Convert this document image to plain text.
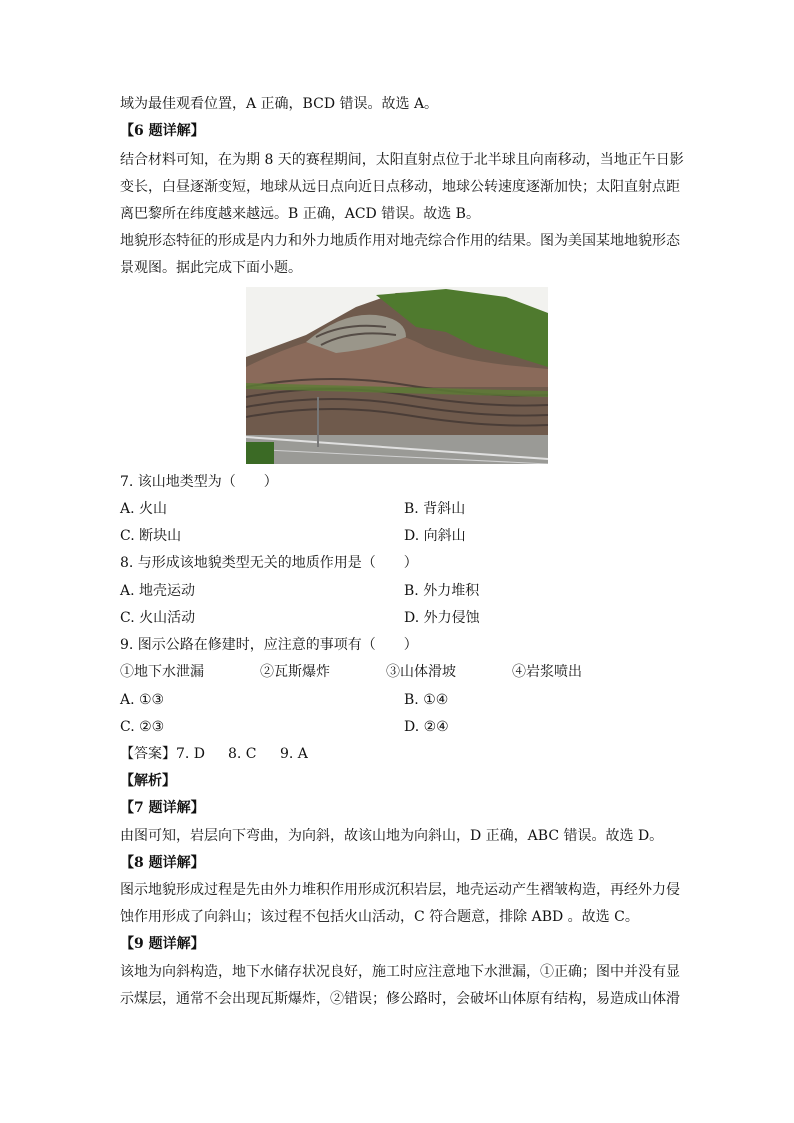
域为最佳观看位置，A 正确，BCD 错误。故选 A。
【6 题详解】
结合材料可知，在为期 8 天的赛程期间，太阳直射点位于北半球且向南移动，当地正午日影
变长，白昼逐渐变短，地球从远日点向近日点移动，地球公转速度逐渐加快；太阳直射点距
离巴黎所在纬度越来越远。B 正确，ACD 错误。故选 B。
地貌形态特征的形成是内力和外力地质作用对地壳综合作用的结果。图为美国某地地貌形态
景观图。据此完成下面小题。
7. 该山地类型为（　　）
A. 火山	B. 背斜山
C. 断块山	D. 向斜山
8. 与形成该地貌类型无关的地质作用是（　　）
A. 地壳运动	B. 外力堆积
C. 火山活动	D. 外力侵蚀
9. 图示公路在修建时，应注意的事项有（　　）
①地下水泄漏	②瓦斯爆炸	③山体滑坡	④岩浆喷出
A. ①③	B. ①④
C. ②③	D. ②④
【答案】 7. D 8. C 9. A
【解析】
【7 题详解】
由图可知，岩层向下弯曲，为向斜，故该山地为向斜山，D 正确，ABC 错误。故选 D。
【8 题详解】
图示地貌形成过程是先由外力堆积作用形成沉积岩层，地壳运动产生褶皱构造，再经外力侵
蚀作用形成了向斜山；该过程不包括火山活动，C 符合题意，排除 ABD 。故选 C。
【9 题详解】
该地为向斜构造，地下水储存状况良好，施工时应注意地下水泄漏，①正确；图中并没有显
示煤层，通常不会出现瓦斯爆炸，②错误；修公路时，会破坏山体原有结构，易造成山体滑
